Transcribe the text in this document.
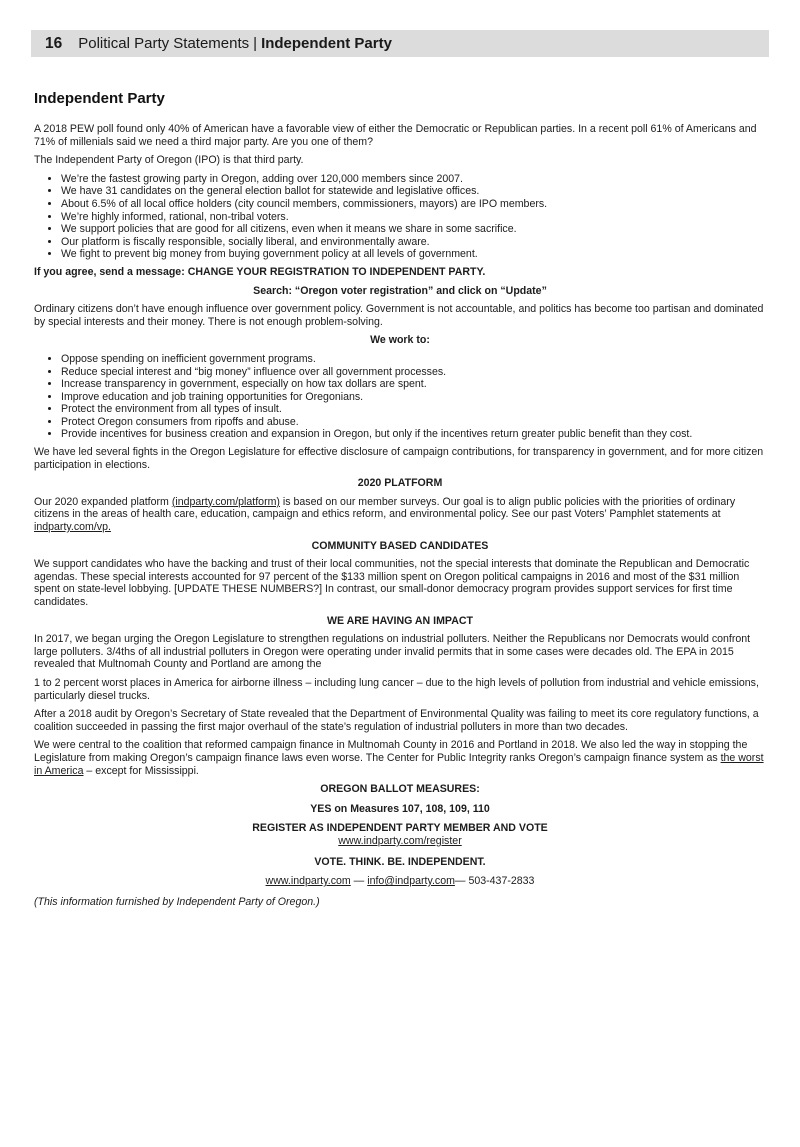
16 Political Party Statements | Independent Party
Independent Party

A 2018 PEW poll found only 40% of American have a favorable view of either the Democratic or Republican parties. In a recent poll 61% of Americans and 71% of millenials said we need a third major party. Are you one of them?

The Independent Party of Oregon (IPO) is that third party.

• We’re the fastest growing party in Oregon, adding over 120,000 members since 2007.
• We have 31 candidates on the general election ballot for statewide and legislative offices.
• About 6.5% of all local office holders (city council members, commissioners, mayors) are IPO members.
• We’re highly informed, rational, non-tribal voters.
• We support policies that are good for all citizens, even when it means we share in some sacrifice.
• Our platform is fiscally responsible, socially liberal, and environmentally aware.
• We fight to prevent big money from buying government policy at all levels of government.

If you agree, send a message: CHANGE YOUR REGISTRATION TO INDEPENDENT PARTY.

Search: “Oregon voter registration” and click on “Update”

Ordinary citizens don’t have enough influence over government policy. Government is not accountable, and politics has become too partisan and dominated by special interests and their money. There is not enough problem-solving.

We work to:

• Oppose spending on inefficient government programs.
• Reduce special interest and “big money” influence over all government processes.
• Increase transparency in government, especially on how tax dollars are spent.
• Improve education and job training opportunities for Oregonians.
• Protect the environment from all types of insult.
• Protect Oregon consumers from ripoffs and abuse.
• Provide incentives for business creation and expansion in Oregon, but only if the incentives return greater public benefit than they cost.

We have led several fights in the Oregon Legislature for effective disclosure of campaign contributions, for transparency in government, and for more citizen participation in elections.

2020 PLATFORM

Our 2020 expanded platform (indparty.com/platform) is based on our member surveys. Our goal is to align public policies with the priorities of ordinary citizens in the areas of health care, education, campaign and ethics reform, and environmental policy. See our past Voters’ Pamphlet statements at indparty.com/vp.

COMMUNITY BASED CANDIDATES

We support candidates who have the backing and trust of their local communities, not the special interests that dominate the Republican and Democratic agendas. These special interests accounted for 97 percent of the $133 million spent on Oregon political campaigns in 2016 and most of the $31 million spent on state-level lobbying. [UPDATE THESE NUMBERS?] In contrast, our small-donor democracy program provides support services for first time candidates.

WE ARE HAVING AN IMPACT

In 2017, we began urging the Oregon Legislature to strengthen regulations on industrial polluters. Neither the Republicans nor Democrats would confront large polluters. 3/4ths of all industrial polluters in Oregon were operating under invalid permits that in some cases were decades old. The EPA in 2015 revealed that Multnomah County and Portland are among the

1 to 2 percent worst places in America for airborne illness – including lung cancer – due to the high levels of pollution from industrial and vehicle emissions, particularly diesel trucks.

After a 2018 audit by Oregon’s Secretary of State revealed that the Department of Environmental Quality was failing to meet its core regulatory functions, a coalition succeeded in passing the first major overhaul of the state’s regulation of industrial polluters in more than two decades.

We were central to the coalition that reformed campaign finance in Multnomah County in 2016 and Portland in 2018. We also led the way in stopping the Legislature from making Oregon’s campaign finance laws even worse. The Center for Public Integrity ranks Oregon’s campaign finance system as the worst in America – except for Mississippi.

OREGON BALLOT MEASURES:

YES on Measures 107, 108, 109, 110

REGISTER AS INDEPENDENT PARTY MEMBER AND VOTE
www.indparty.com/register

VOTE. THINK. BE. INDEPENDENT.

www.indparty.com — info@indparty.com— 503-437-2833

(This information furnished by Independent Party of Oregon.)
